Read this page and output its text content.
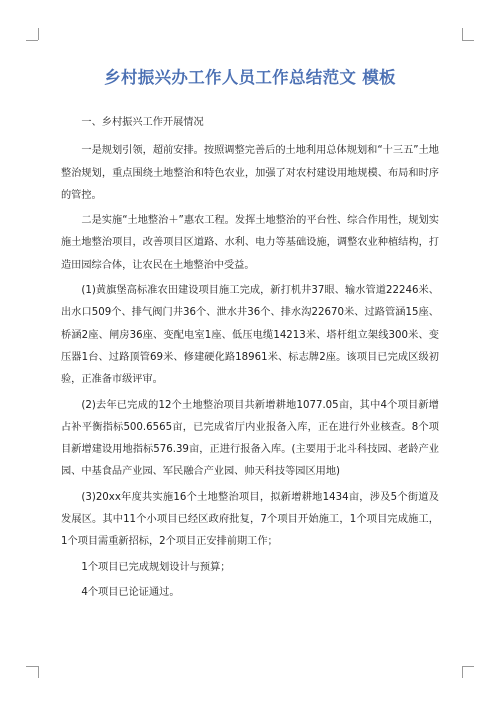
乡村振兴办工作人员工作总结范文 模板

一、乡村振兴工作开展情况

一是规划引领，超前安排。按照调整完善后的土地利用总体规划和“十三五”土地整治规划，重点围绕土地整治和特色农业，加强了对农村建设用地规模、布局和时序的管控。

二是实施“土地整治＋”惠农工程。发挥土地整治的平台性、综合作用性，规划实施土地整治项目，改善项目区道路、水利、电力等基础设施，调整农业种植结构，打造田园综合体，让农民在土地整治中受益。

(1)黄旗堡高标准农田建设项目施工完成，新打机井37眼、输水管道22246米、出水口509个、排气阀门井36个、泄水井36个、排水沟22670米、过路管涵15座、桥涵2座、闸房36座、变配电室1座、低压电缆14213米、塔杆组立架线300米、变压器1台、过路顶管69米、修建硬化路18961米、标志牌2座。该项目已完成区级初验，正准备市级评审。

(2)去年已完成的12个土地整治项目共新增耕地1077.05亩，其中4个项目新增占补平衡指标500.6565亩，已完成省厅内业报备入库，正在进行外业核查。8个项目新增建设用地指标576.39亩，正进行报备入库。(主要用于北斗科技园、老龄产业园、中基食品产业园、军民融合产业园、帅天科技等园区用地)

(3)20xx年度共实施16个土地整治项目，拟新增耕地1434亩，涉及5个街道及发展区。其中11个小项目已经区政府批复，7个项目开始施工，1个项目完成施工，1个项目需重新招标，2个项目正安排前期工作；

1个项目已完成规划设计与预算；

4个项目已论证通过。
